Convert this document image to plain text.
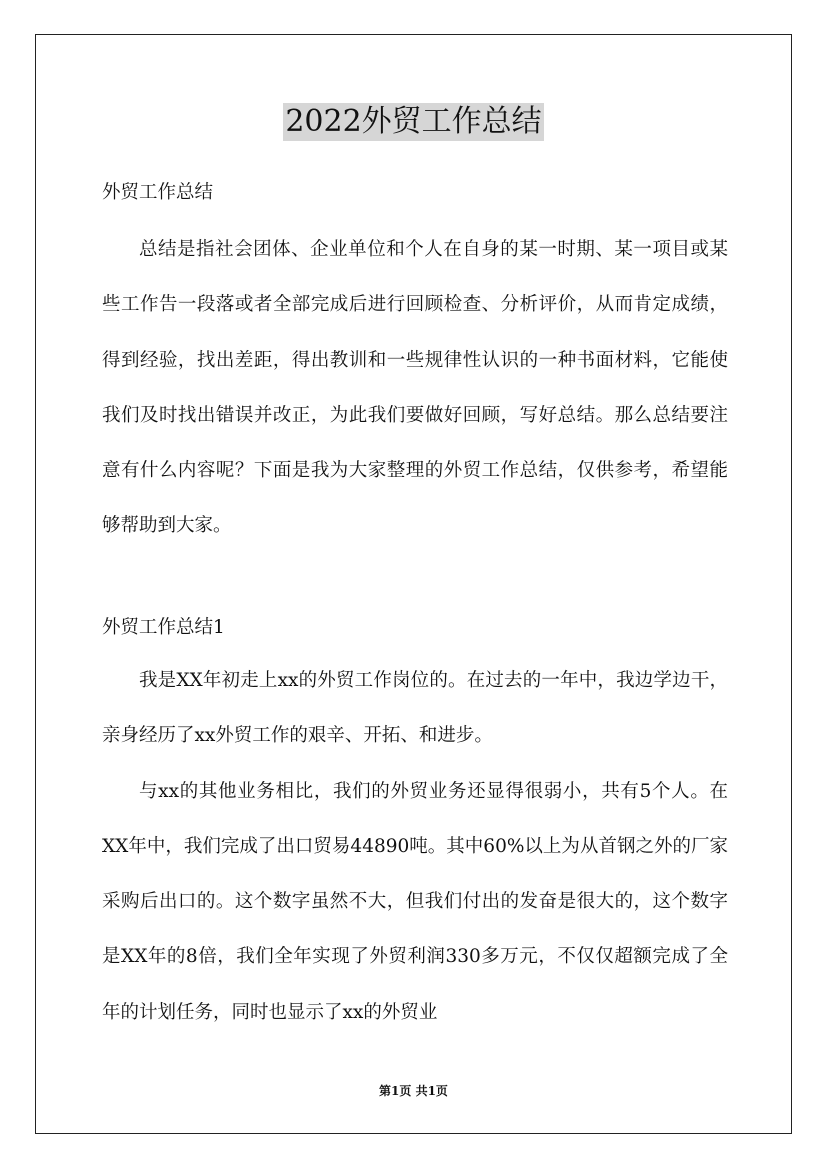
2022外贸工作总结

外贸工作总结

总结是指社会团体、企业单位和个人在自身的某一时期、某一项目或某些工作告一段落或者全部完成后进行回顾检查、分析评价，从而肯定成绩，得到经验，找出差距，得出教训和一些规律性认识的一种书面材料，它能使我们及时找出错误并改正，为此我们要做好回顾，写好总结。那么总结要注意有什么内容呢？下面是我为大家整理的外贸工作总结，仅供参考，希望能够帮助到大家。

外贸工作总结1

我是XX年初走上xx的外贸工作岗位的。在过去的一年中，我边学边干，亲身经历了xx外贸工作的艰辛、开拓、和进步。

与xx的其他业务相比，我们的外贸业务还显得很弱小，共有5个人。在XX年中，我们完成了出口贸易44890吨。其中60%以上为从首钢之外的厂家采购后出口的。这个数字虽然不大，但我们付出的发奋是很大的，这个数字是XX年的8倍，我们全年实现了外贸利润330多万元，不仅仅超额完成了全年的计划任务，同时也显示了xx的外贸业

第1页 共1页
